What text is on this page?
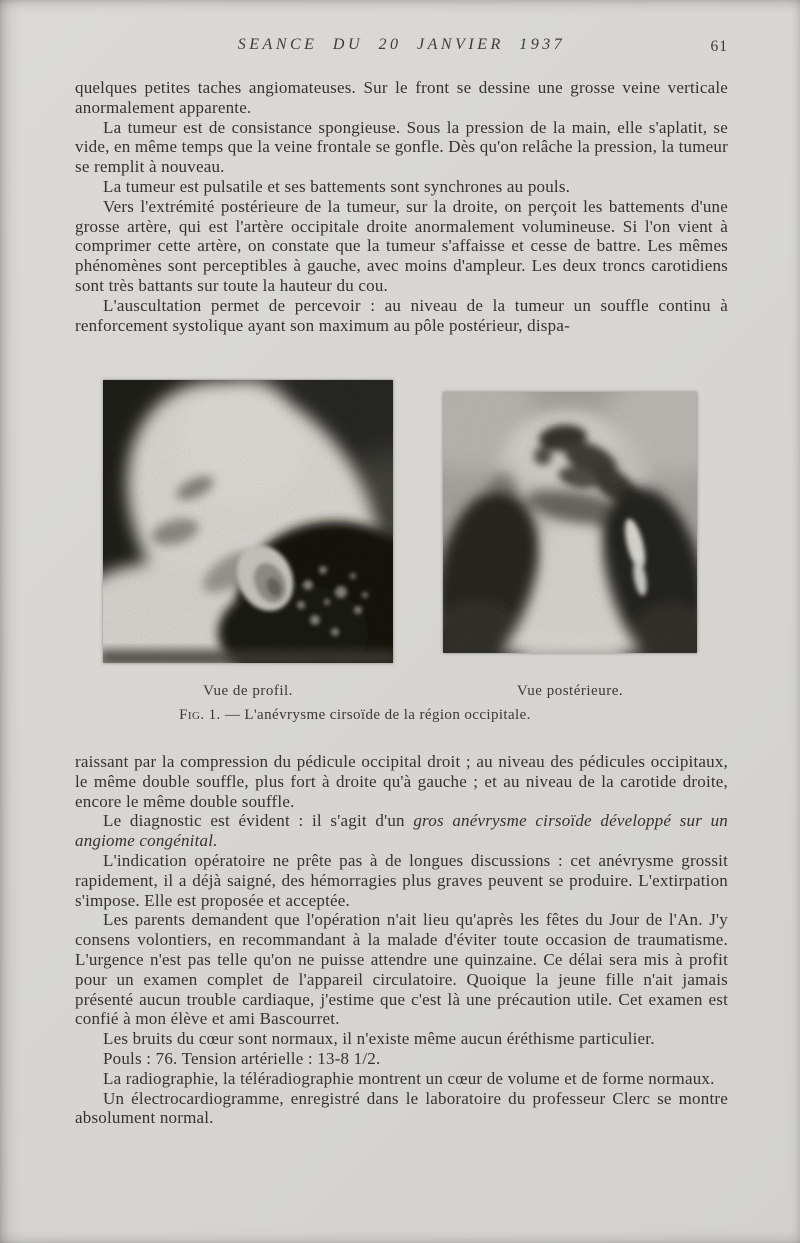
SEANCE DU 20 JANVIER 1937	61

quelques petites taches angiomateuses. Sur le front se dessine une grosse veine verticale anormalement apparente.

La tumeur est de consistance spongieuse. Sous la pression de la main, elle s'aplatit, se vide, en même temps que la veine frontale se gonfle. Dès qu'on relâche la pression, la tumeur se remplit à nouveau.

La tumeur est pulsatile et ses battements sont synchrones au pouls.

Vers l'extrémité postérieure de la tumeur, sur la droite, on perçoit les battements d'une grosse artère, qui est l'artère occipitale droite anormalement volumineuse. Si l'on vient à comprimer cette artère, on constate que la tumeur s'affaisse et cesse de battre. Les mêmes phénomènes sont perceptibles à gauche, avec moins d'ampleur. Les deux troncs carotidiens sont très battants sur toute la hauteur du cou.

L'auscultation permet de percevoir : au niveau de la tumeur un souffle continu à renforcement systolique ayant son maximum au pôle postérieur, dispa-

Vue de profil.	Vue postérieure.
Fig. 1. — L'anévrysme cirsoïde de la région occipitale.

raissant par la compression du pédicule occipital droit ; au niveau des pédicules occipitaux, le même double souffle, plus fort à droite qu'à gauche ; et au niveau de la carotide droite, encore le même double souffle.

Le diagnostic est évident : il s'agit d'un gros anévrysme cirsoïde développé sur un angiome congénital.

L'indication opératoire ne prête pas à de longues discussions : cet anévrysme grossit rapidement, il a déjà saigné, des hémorragies plus graves peuvent se produire. L'extirpation s'impose. Elle est proposée et acceptée.

Les parents demandent que l'opération n'ait lieu qu'après les fêtes du Jour de l'An. J'y consens volontiers, en recommandant à la malade d'éviter toute occasion de traumatisme. L'urgence n'est pas telle qu'on ne puisse attendre une quinzaine. Ce délai sera mis à profit pour un examen complet de l'appareil circulatoire. Quoique la jeune fille n'ait jamais présenté aucun trouble cardiaque, j'estime que c'est là une précaution utile. Cet examen est confié à mon élève et ami Bascourret.

Les bruits du cœur sont normaux, il n'existe même aucun éréthisme particulier.

Pouls : 76. Tension artérielle : 13-8 1/2.

La radiographie, la téléradiographie montrent un cœur de volume et de forme normaux.

Un électrocardiogramme, enregistré dans le laboratoire du professeur Clerc se montre absolument normal.
